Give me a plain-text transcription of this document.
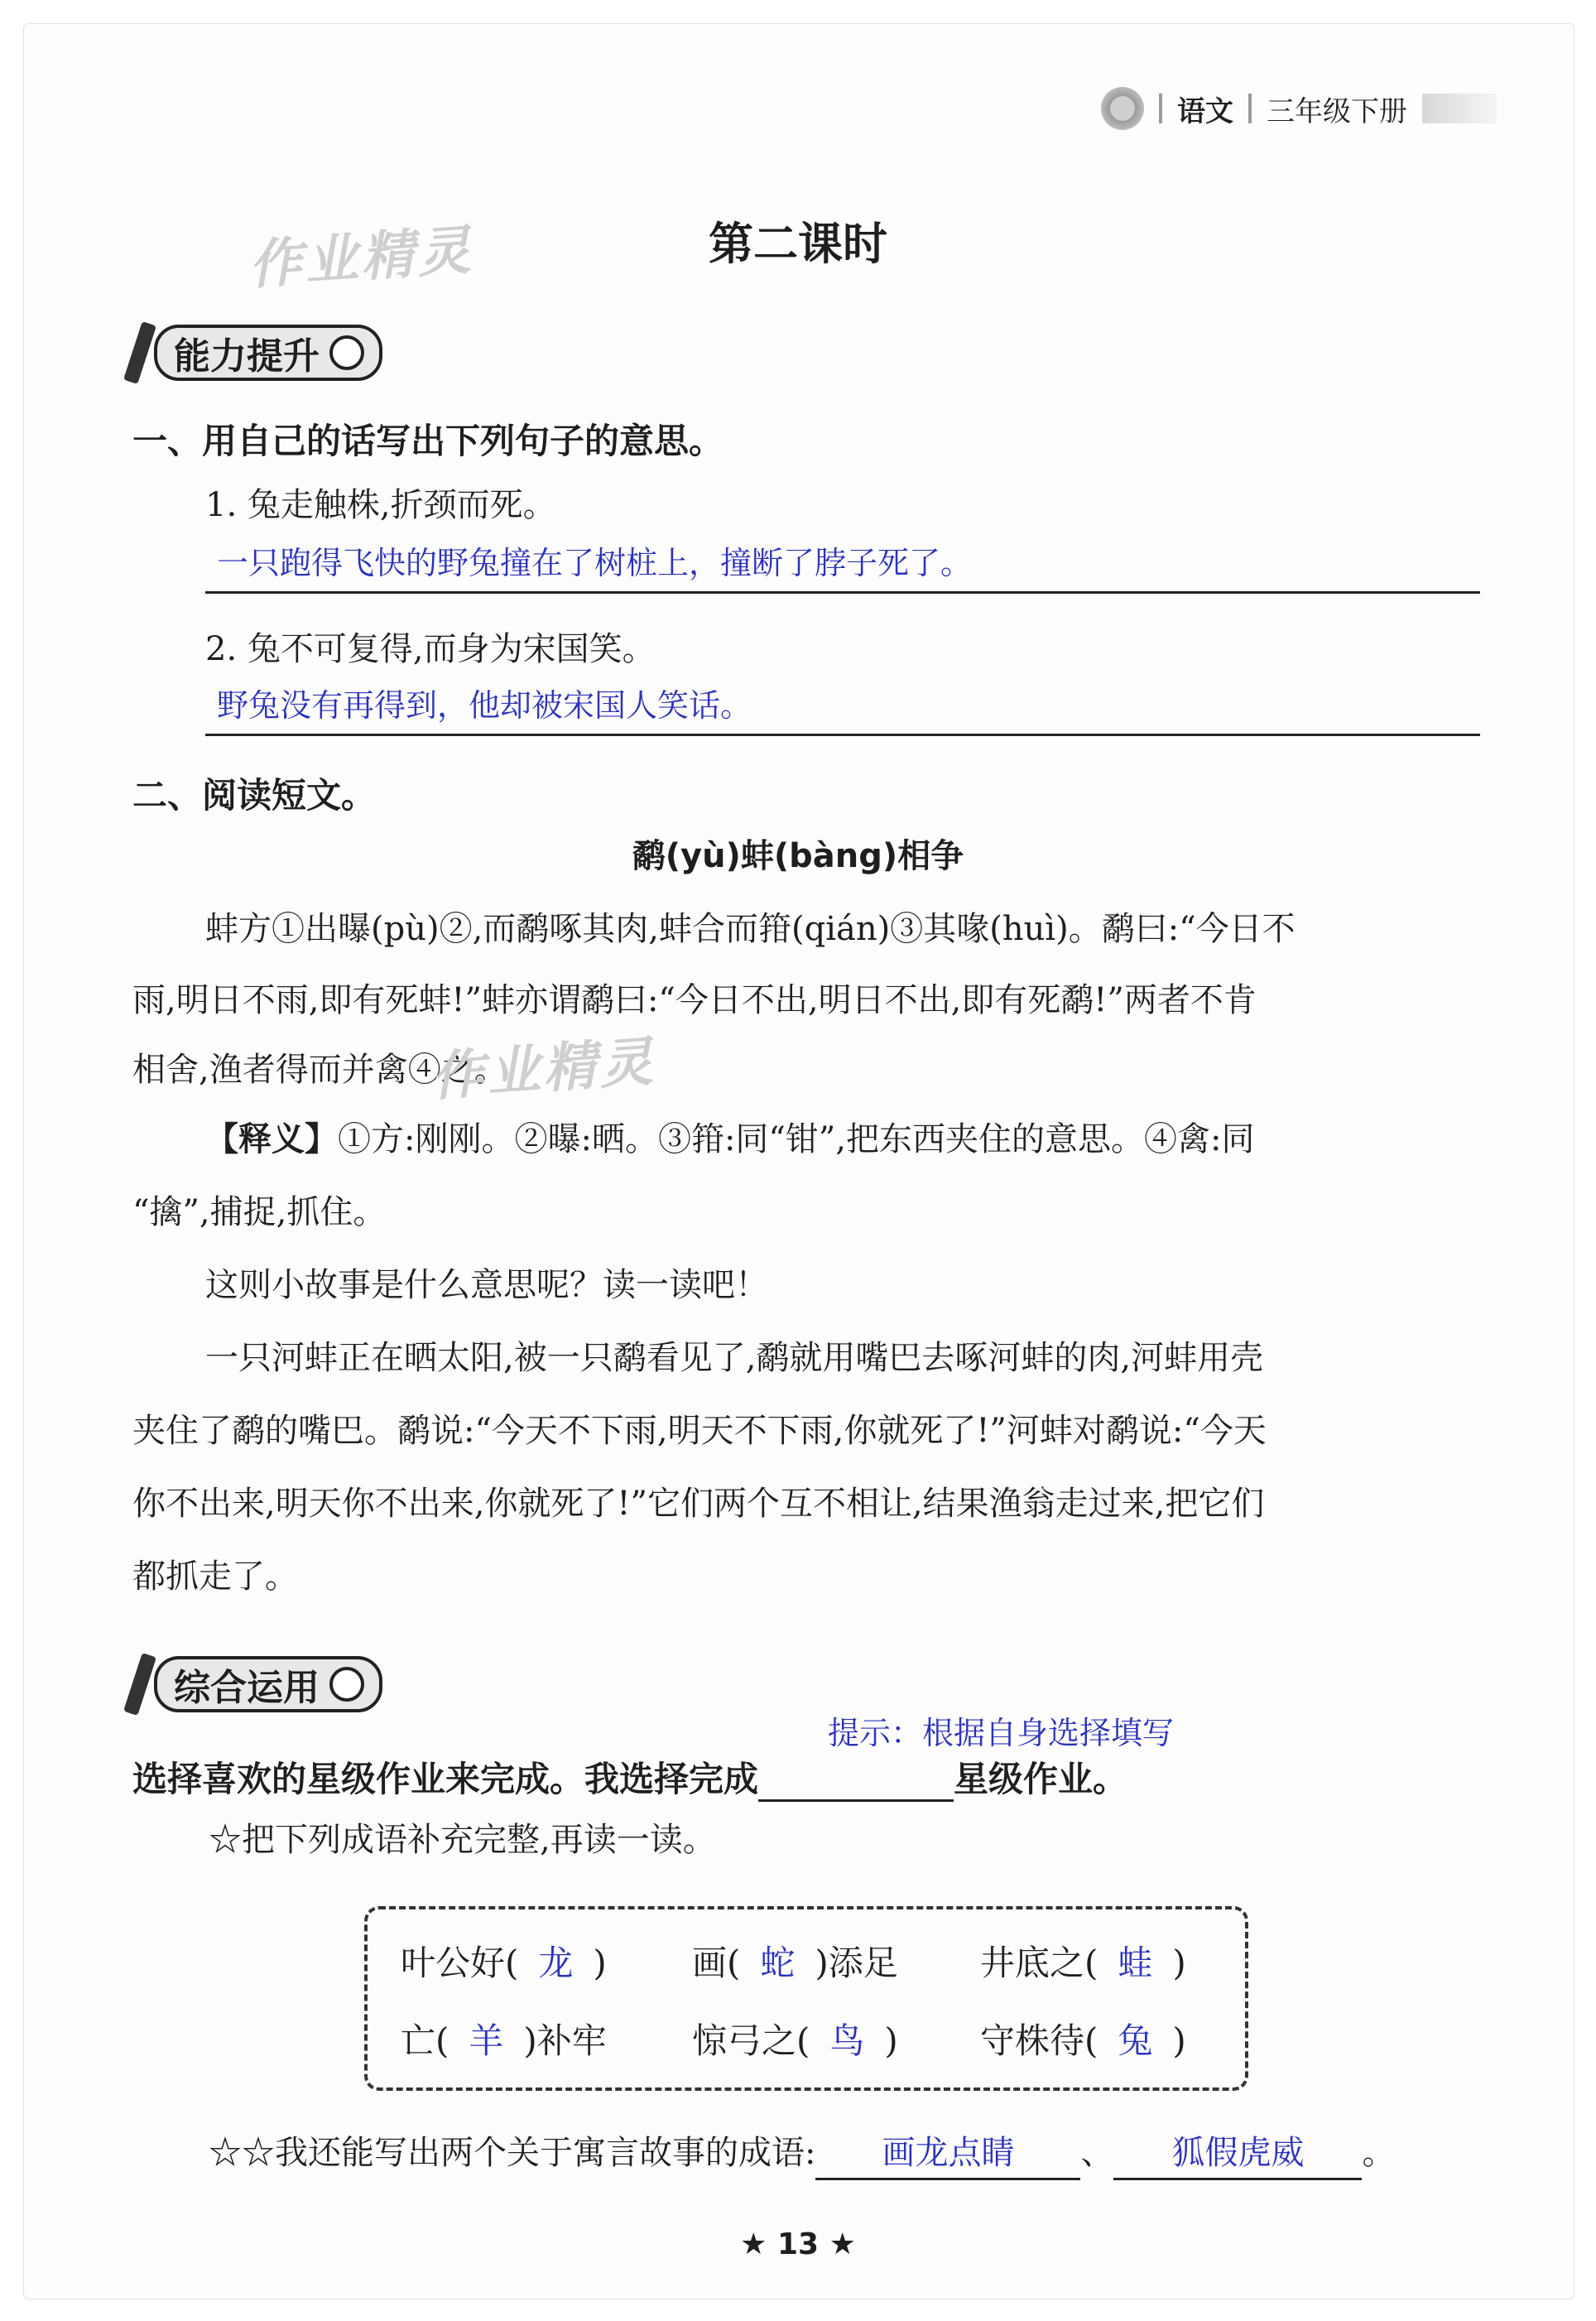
语文 三年级下册
作业精灵	第二课时
能力提升
一、用自己的话写出下列句子的意思。
1. 兔走触株,折颈而死。
一只跑得飞快的野兔撞在了树桩上，撞断了脖子死了。
2. 兔不可复得,而身为宋国笑。
野兔没有再得到，他却被宋国人笑话。
二、阅读短文。
鹬(yù)蚌(bàng)相争
蚌方①出曝(pù)②,而鹬啄其肉,蚌合而箝(qián)③其喙(huì)。鹬曰:“今日不
雨,明日不雨,即有死蚌!”蚌亦谓鹬曰:“今日不出,明日不出,即有死鹬!”两者不肯
相舍,渔者得而并禽④之。
作业精灵
【释义】①方:刚刚。②曝:晒。③箝:同“钳”,把东西夹住的意思。④禽:同
“擒”,捕捉,抓住。
这则小故事是什么意思呢？读一读吧！
一只河蚌正在晒太阳,被一只鹬看见了,鹬就用嘴巴去啄河蚌的肉,河蚌用壳
夹住了鹬的嘴巴。鹬说:“今天不下雨,明天不下雨,你就死了!”河蚌对鹬说:“今天
你不出来,明天你不出来,你就死了!”它们两个互不相让,结果渔翁走过来,把它们
都抓走了。
综合运用
提示：根据自身选择填写
选择喜欢的星级作业来完成。我选择完成	星级作业。
☆把下列成语补充完整,再读一读。
叶公好( 龙 ) 画( 蛇 )添足 井底之( 蛙 )
亡( 羊 )补牢 惊弓之( 鸟 ) 守株待( 兔 )
☆☆我还能写出两个关于寓言故事的成语: 画龙点睛 、 狐假虎威 。
★ 13 ★
